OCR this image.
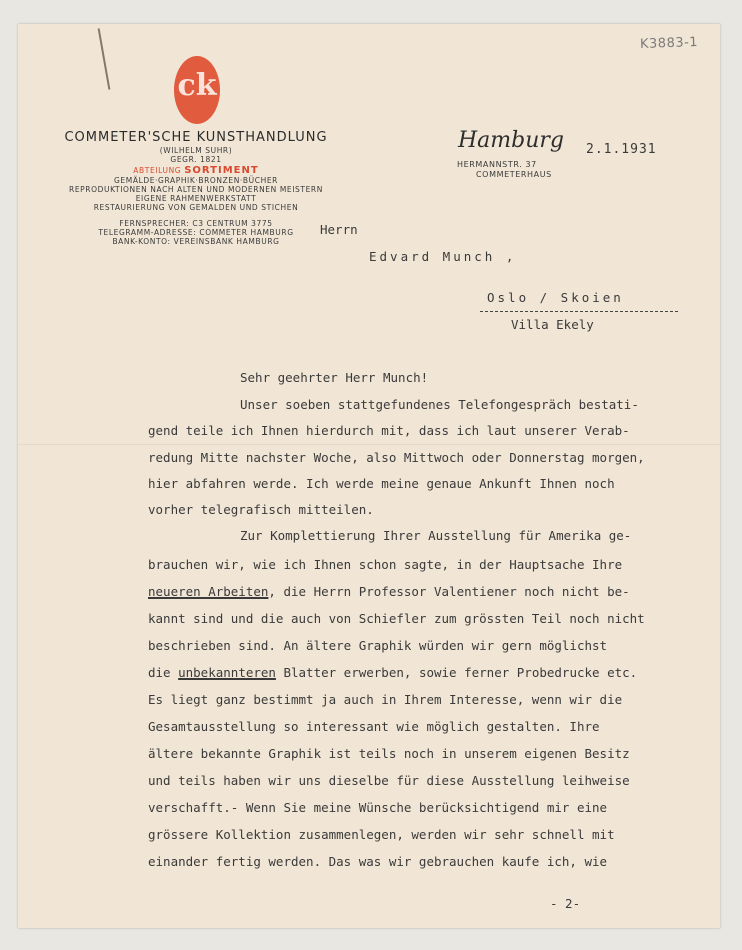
K3883-1
ck
COMMETER'SCHE KUNSTHANDLUNG
(WILHELM SUHR)
GEGR. 1821
ABTEILUNG SORTIMENT
GEMÄLDE·GRAPHIK·BRONZEN·BÜCHER
REPRODUKTIONEN NACH ALTEN UND MODERNEN MEISTERN
EIGENE RAHMENWERKSTATT
RESTAURIERUNG VON GEMALDEN UND STICHEN
FERNSPRECHER: C3 CENTRUM 3775
TELEGRAMM-ADRESSE: COMMETER HAMBURG
BANK-KONTO: VEREINSBANK HAMBURG
Hamburg
HERMANNSTR. 37
COMMETERHAUS
2.1.1931
Herrn
Edvard Munch ,
Oslo / Skoien
Villa Ekely
Sehr geehrter Herr Munch!
Unser soeben stattgefundenes Telefongespräch bestati-
gend teile ich Ihnen hierdurch mit, dass ich laut unserer Verab-
redung Mitte nachster Woche, also Mittwoch oder Donnerstag morgen,
hier abfahren werde. Ich werde meine genaue Ankunft Ihnen noch
vorher telegrafisch mitteilen.
Zur Komplettierung Ihrer Ausstellung für Amerika ge-
brauchen wir, wie ich Ihnen schon sagte, in der Hauptsache Ihre
neueren Arbeiten, die Herrn Professor Valentiener noch nicht be-
kannt sind und die auch von Schiefler zum grössten Teil noch nicht
beschrieben sind. An ältere Graphik würden wir gern möglichst
die unbekannteren Blatter erwerben, sowie ferner Probedrucke etc.
Es liegt ganz bestimmt ja auch in Ihrem Interesse, wenn wir die
Gesamtausstellung so interessant wie möglich gestalten. Ihre
ältere bekannte Graphik ist teils noch in unserem eigenen Besitz
und teils haben wir uns dieselbe für diese Ausstellung leihweise
verschafft.- Wenn Sie meine Wünsche berücksichtigend mir eine
grössere Kollektion zusammenlegen, werden wir sehr schnell mit
einander fertig werden. Das was wir gebrauchen kaufe ich, wie
- 2-
